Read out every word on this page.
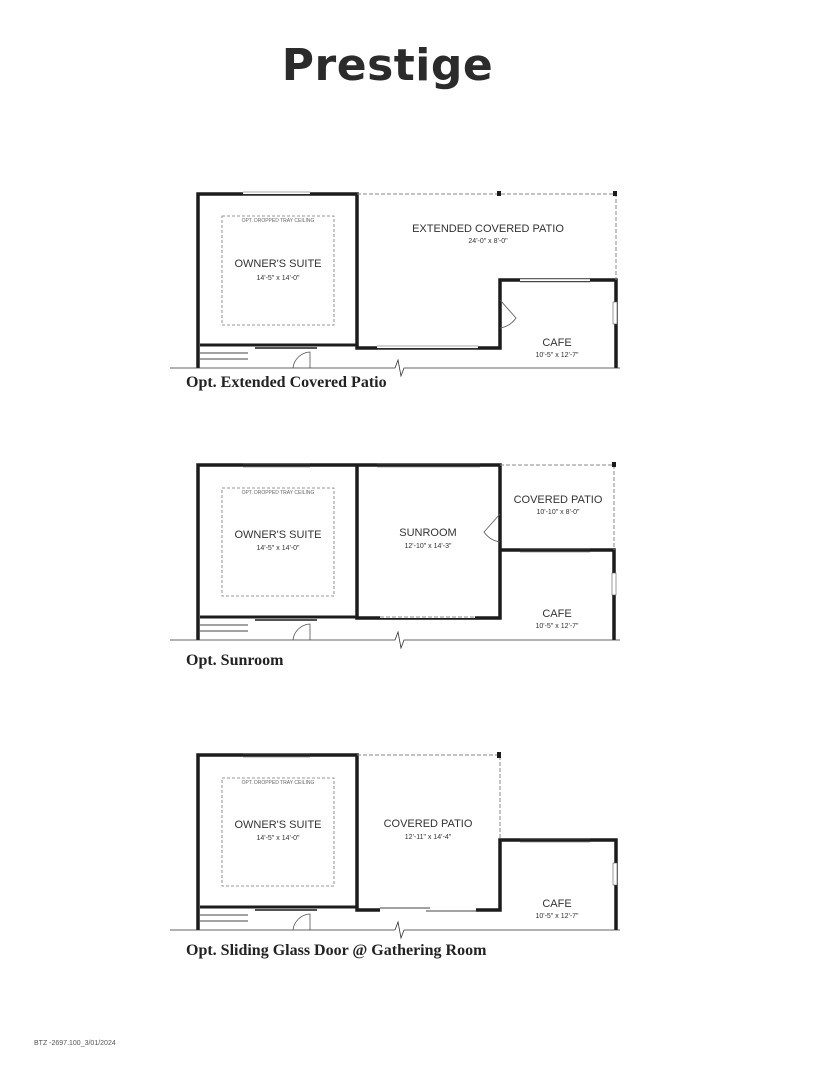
Prestige
OPT. DROPPED TRAY CEILING
OWNER'S SUITE
14'-5" x 14'-0"
EXTENDED COVERED PATIO
24'-0" x 8'-0"
CAFE
10'-5" x 12'-7"
Opt. Extended Covered Patio
OPT. DROPPED TRAY CEILING
OWNER'S SUITE
14'-5" x 14'-0"
SUNROOM
12'-10" x 14'-3"
COVERED PATIO
10'-10" x 8'-0"
CAFE
10'-5" x 12'-7"
Opt. Sunroom
OPT. DROPPED TRAY CEILING
OWNER'S SUITE
14'-5" x 14'-0"
COVERED PATIO
12'-11" x 14'-4"
CAFE
10'-5" x 12'-7"
Opt. Sliding Glass Door @ Gathering Room
BTZ -2697.100_3/01/2024
